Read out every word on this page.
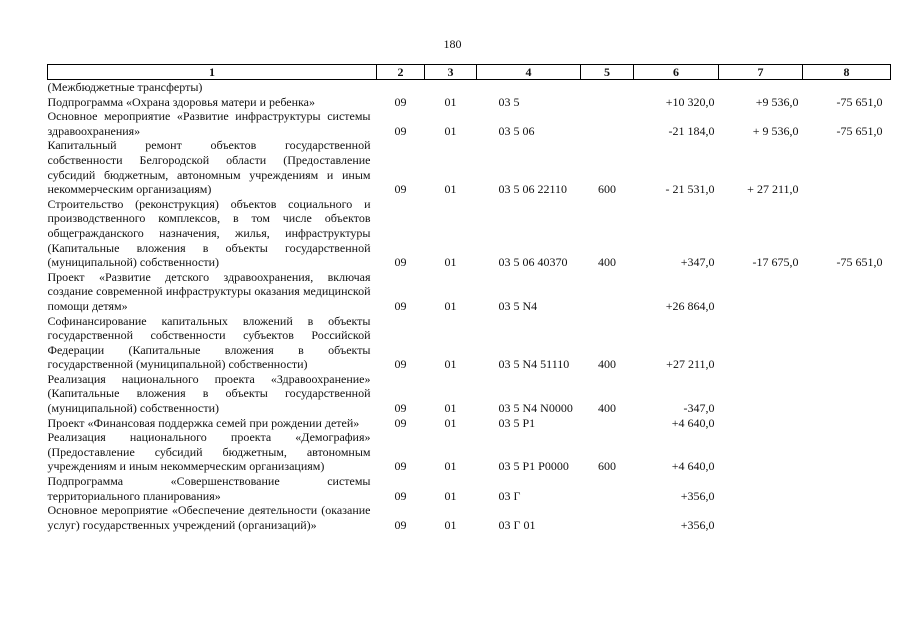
180
1	2	3	4	5	6	7	8
(Межбюджетные трансферты)							
Подпрограмма «Охрана здоровья матери и ребенка»	09	01	03 5		+10 320,0	+9 536,0	-75 651,0
Основное мероприятие «Развитие инфраструктуры системы здравоохранения»	09	01	03 5 06		-21 184,0	+ 9 536,0	-75 651,0
Капитальный ремонт объектов государственной собственности Белгородской области (Предоставление субсидий бюджетным, автономным учреждениям и иным некоммерческим организациям)	09	01	03 5 06 22110	600	- 21 531,0	+ 27 211,0	
Строительство (реконструкция) объектов социального и производственного комплексов, в том числе объектов общегражданского назначения, жилья, инфраструктуры (Капитальные вложения в объекты государственной (муниципальной) собственности)	09	01	03 5 06 40370	400	+347,0	-17 675,0	-75 651,0
Проект «Развитие детского здравоохранения, включая создание современной инфраструктуры оказания медицинской помощи детям»	09	01	03 5 N4		+26 864,0		
Софинансирование капитальных вложений в объекты государственной собственности субъектов Российской Федерации (Капитальные вложения в объекты государственной (муниципальной) собственности)	09	01	03 5 N4 51110	400	+27 211,0		
Реализация национального проекта «Здравоохранение» (Капитальные вложения в объекты государственной (муниципальной) собственности)	09	01	03 5 N4 N0000	400	-347,0		
Проект «Финансовая поддержка семей при рождении детей»	09	01	03 5 P1		+4 640,0		
Реализация национального проекта «Демография» (Предоставление субсидий бюджетным, автономным учреждениям и иным некоммерческим организациям)	09	01	03 5 P1 P0000	600	+4 640,0		
Подпрограмма «Совершенствование системы территориального планирования»	09	01	03 Г		+356,0		
Основное мероприятие «Обеспечение деятельности (оказание услуг) государственных учреждений (организаций)»	09	01	03 Г 01		+356,0		
